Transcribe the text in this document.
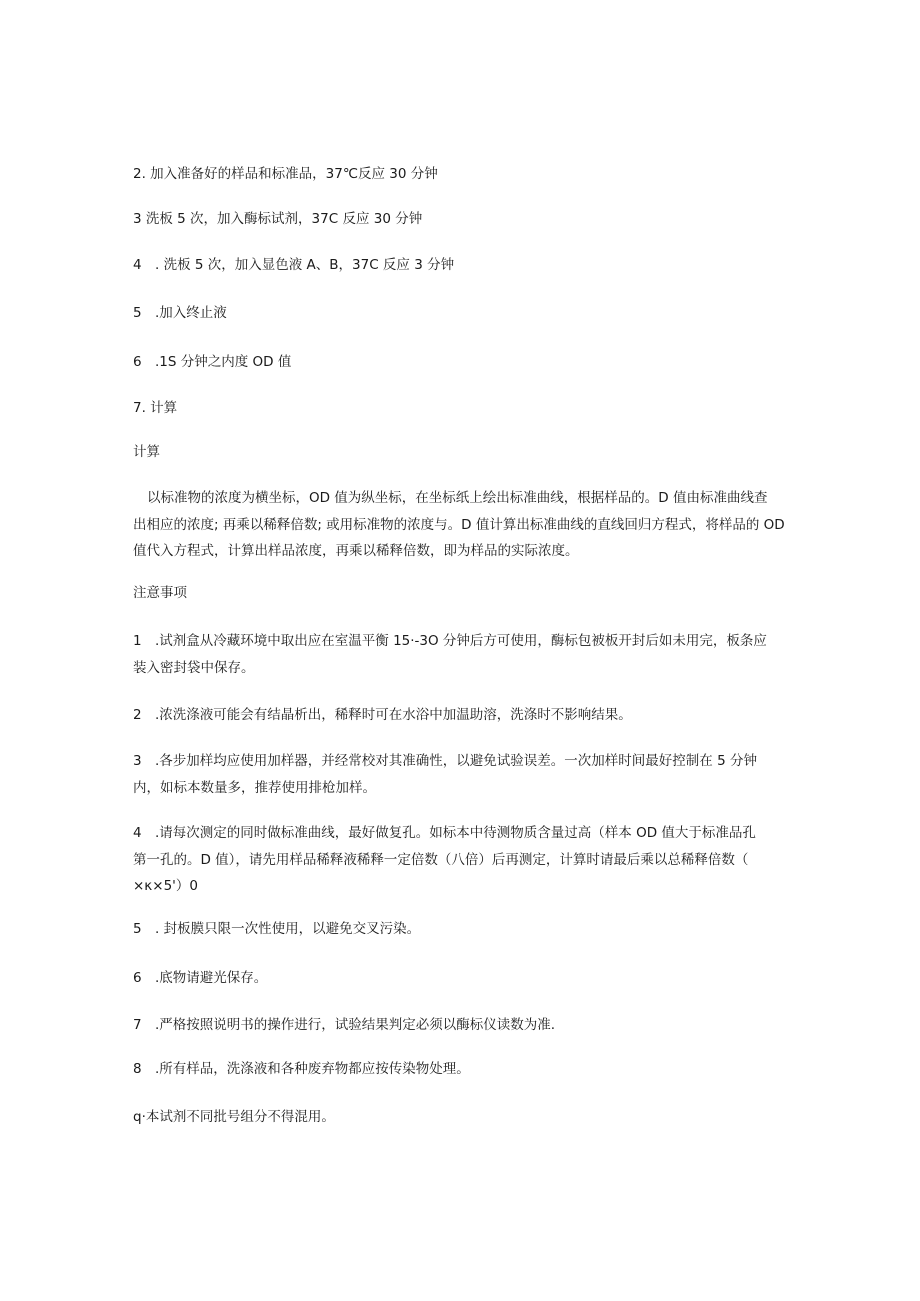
2. 加入准备好的样品和标准品，37℃反应 30 分钟
3 洗板 5 次，加入酶标试剂，37C 反应 30 分钟
4 . 洗板 5 次，加入显色液 A、B，37C 反应 3 分钟
5 .加入终止液
6 .1S 分钟之内度 OD 值
7. 计算
计算
以标准物的浓度为横坐标，OD 值为纵坐标，在坐标纸上绘出标准曲线，根据样品的。D 值由标准曲线查
出相应的浓度; 再乘以稀释倍数; 或用标准物的浓度与。D 值计算出标准曲线的直线回归方程式，将样品的 OD
值代入方程式，计算出样品浓度，再乘以稀释倍数，即为样品的实际浓度。
注意事项
1 .试剂盒从冷藏环境中取出应在室温平衡 15·-3O 分钟后方可使用，酶标包被板开封后如未用完，板条应
装入密封袋中保存。
2 .浓洗涤液可能会有结晶析出，稀释时可在水浴中加温助溶，洗涤时不影响结果。
3 .各步加样均应使用加样器，并经常校对其准确性，以避免试验误差。一次加样时间最好控制在 5 分钟
内，如标本数量多，推荐使用排枪加样。
4 .请每次测定的同时做标准曲线，最好做复孔。如标本中待测物质含量过高（样本 OD 值大于标准品孔
第一孔的。D 值），请先用样品稀释液稀释一定倍数（八倍）后再测定，计算时请最后乘以总稀释倍数（
×κ×5'）0
5 . 封板膜只限一次性使用，以避免交叉污染。
6 .底物请避光保存。
7 .严格按照说明书的操作进行，试验结果判定必须以酶标仪读数为准.
8 .所有样品，洗涤液和各种废弃物都应按传染物处理。
q·本试剂不同批号组分不得混用。
